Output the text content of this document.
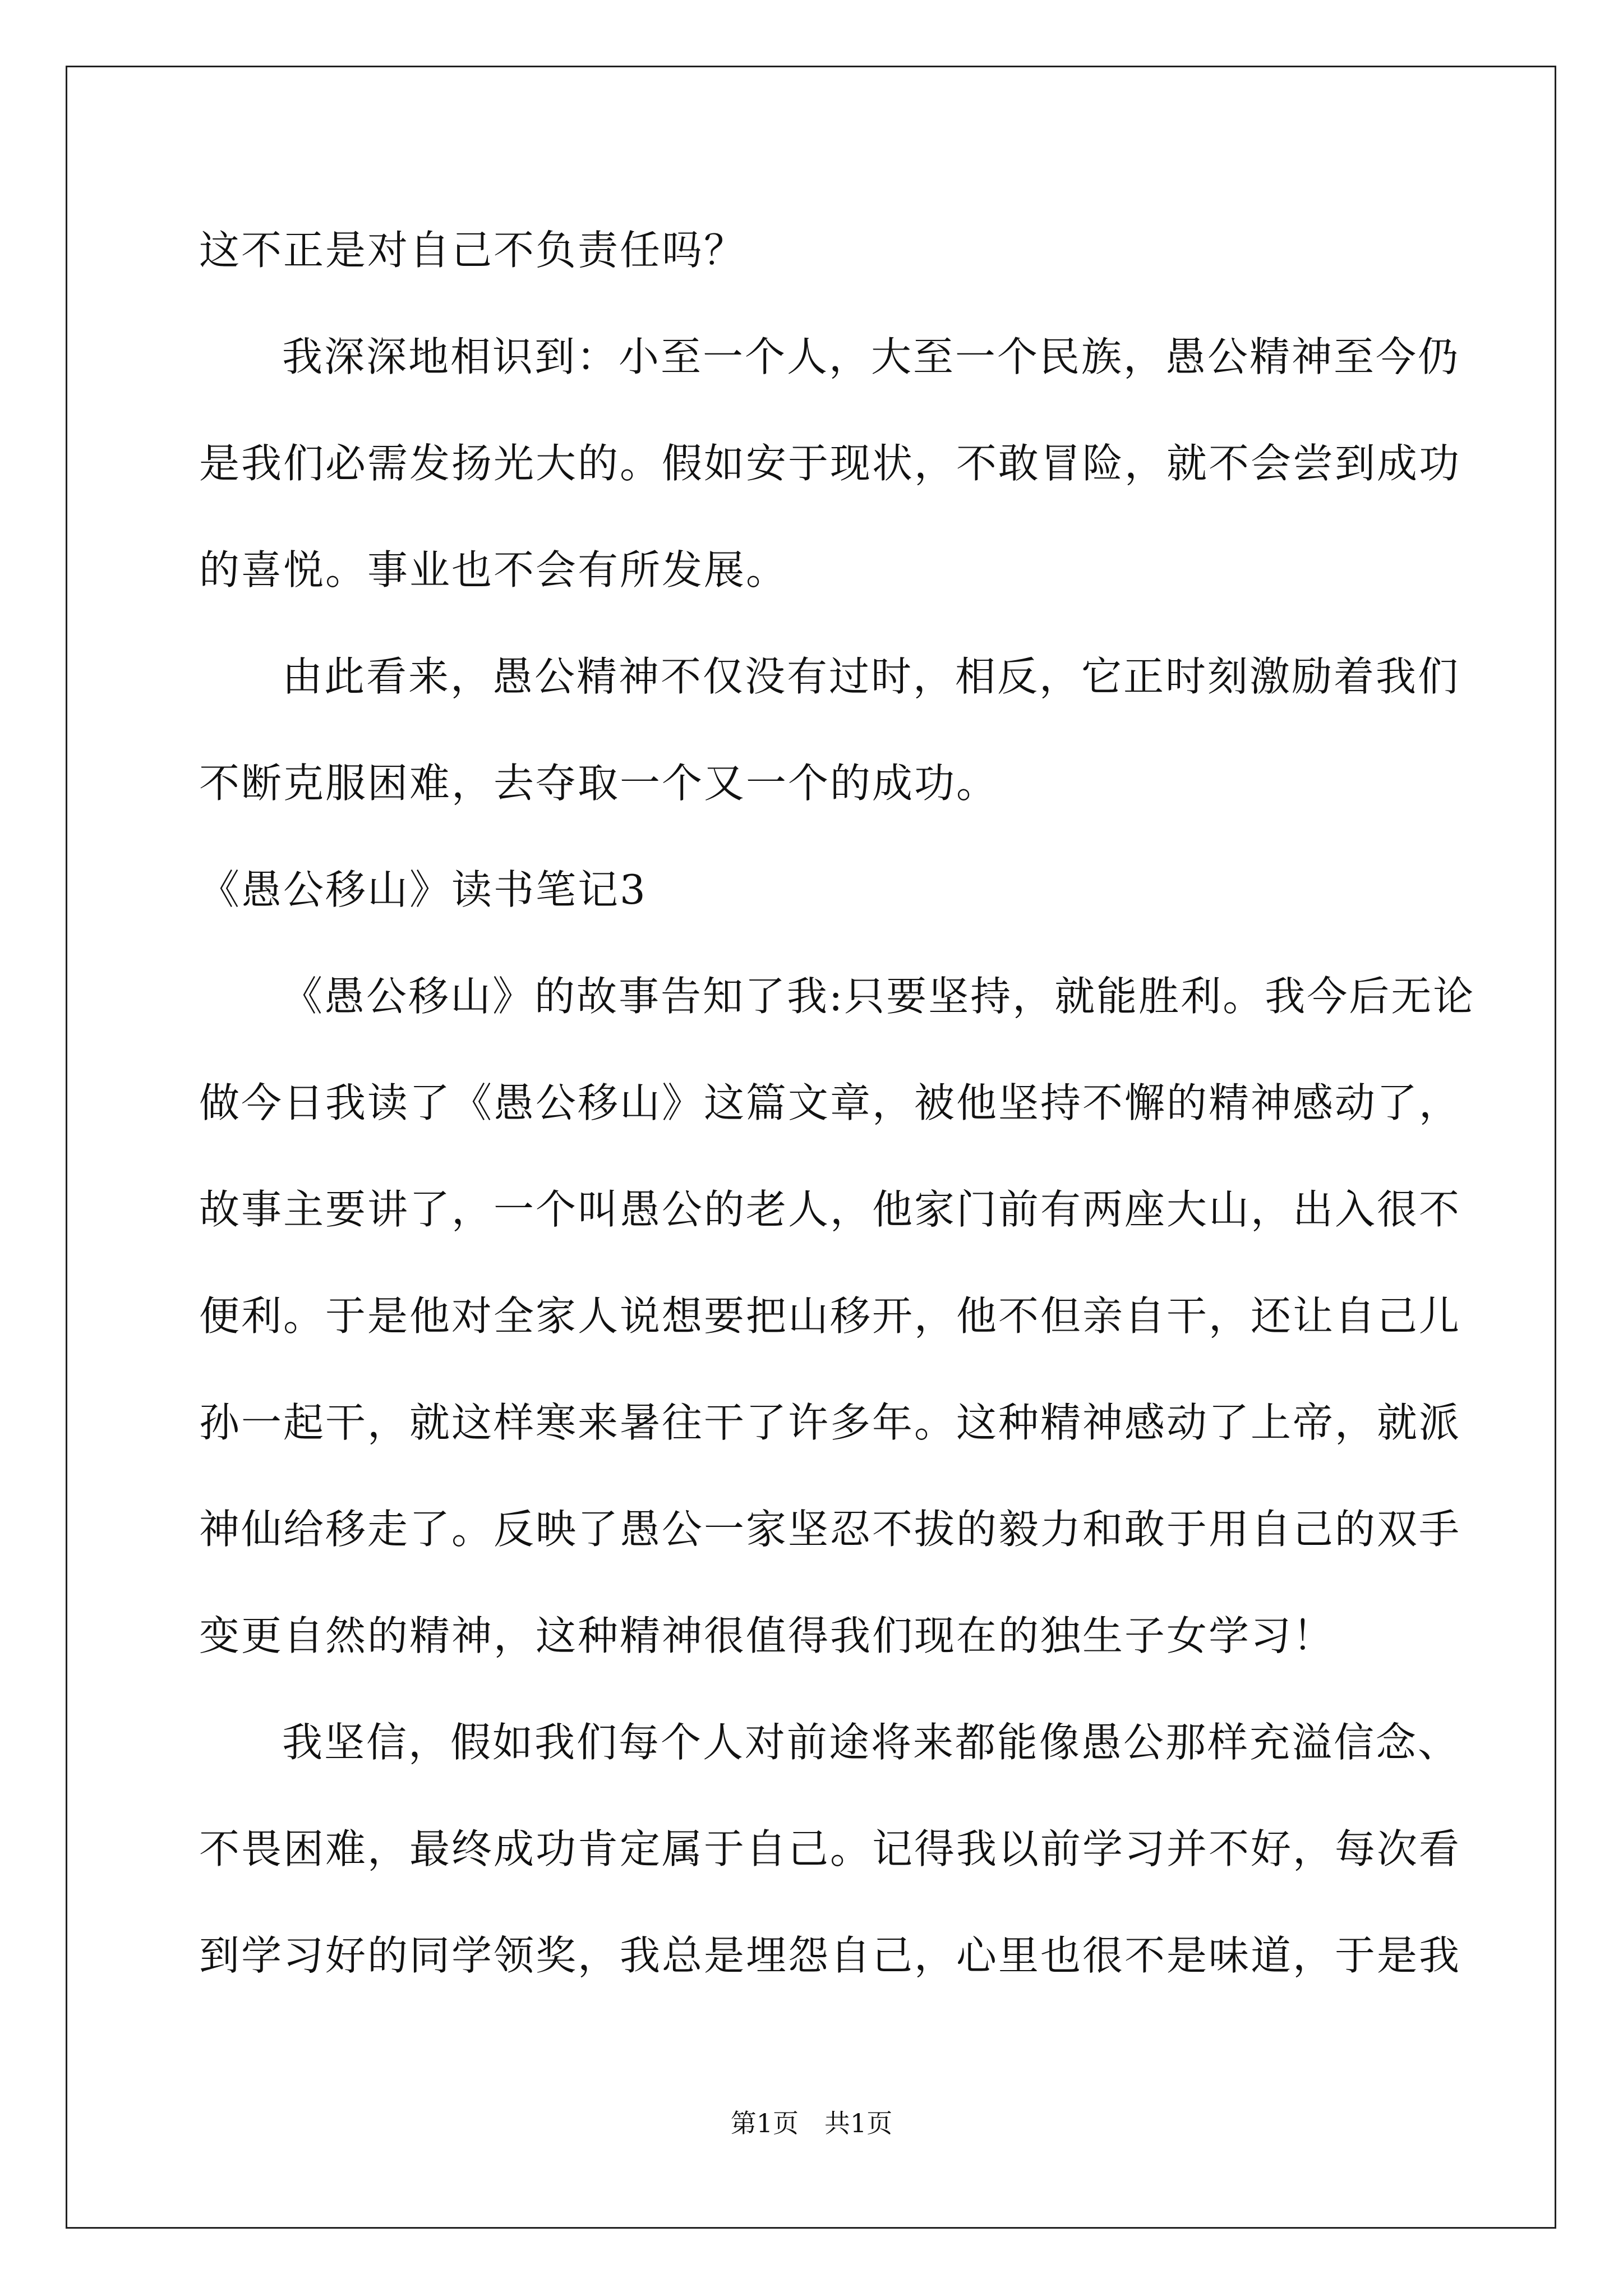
这不正是对自己不负责任吗？
我深深地相识到：小至一个人，大至一个民族，愚公精神至今仍
是我们必需发扬光大的。假如安于现状，不敢冒险，就不会尝到成功
的喜悦。事业也不会有所发展。
由此看来，愚公精神不仅没有过时，相反，它正时刻激励着我们
不断克服困难，去夺取一个又一个的成功。
《愚公移山》读书笔记3
《愚公移山》的故事告知了我:只要坚持，就能胜利。我今后无论
做今日我读了《愚公移山》这篇文章，被他坚持不懈的精神感动了，
故事主要讲了，一个叫愚公的老人，他家门前有两座大山，出入很不
便利。于是他对全家人说想要把山移开，他不但亲自干，还让自己儿
孙一起干，就这样寒来暑往干了许多年。这种精神感动了上帝，就派
神仙给移走了。反映了愚公一家坚忍不拔的毅力和敢于用自己的双手
变更自然的精神，这种精神很值得我们现在的独生子女学习！
我坚信，假如我们每个人对前途将来都能像愚公那样充溢信念、
不畏困难，最终成功肯定属于自己。记得我以前学习并不好，每次看
到学习好的同学领奖，我总是埋怨自己，心里也很不是味道，于是我
第1页　共1页
